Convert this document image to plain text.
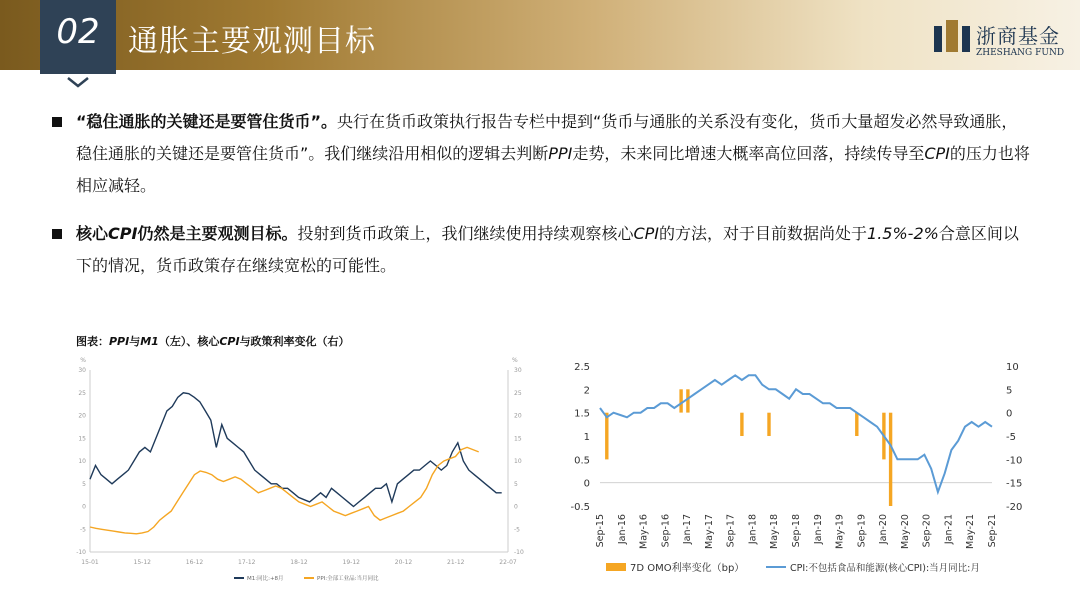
02 通胀主要观测目标	浙商基金
ZHESHANG FUND
“稳住通胀的关键还是要管住货币”。央行在货币政策执行报告专栏中提到“货币与通胀的关系没有变化，货币大量超发必然导致通胀，稳住通胀的关键还是要管住货币”。我们继续沿用相似的逻辑去判断PPI走势，未来同比增速大概率高位回落，持续传导至CPI的压力也将相应减轻。
核心CPI仍然是主要观测目标。投射到货币政策上，我们继续使用持续观察核心CPI的方法，对于目前数据尚处于1.5%-2%合意区间以下的情况，货币政策存在继续宽松的可能性。
图表：PPI与M1（左）、核心CPI与政策利率变化（右）
%	%
30
25
20
15
10
5
0
-5
-10
30
25
20
15
10
5
0
-5
-10
15-01	15-12	16-12	17-12	18-12	19-12	20-12	21-12	22-07
M1:同比:+8月	PPI:全部工业品:当月同比
2.5
2
1.5
1
0.5
0
-0.5
10
5
0
-5
-10
-15
-20
Sep-15 Jan-16 May-16 Sep-16 Jan-17 May-17 Sep-17 Jan-18 May-18 Sep-18 Jan-19 May-19 Sep-19 Jan-20 May-20 Sep-20 Jan-21 May-21 Sep-21
7D OMO利率变化（bp）	CPI:不包括食品和能源(核心CPI):当月同比:月
